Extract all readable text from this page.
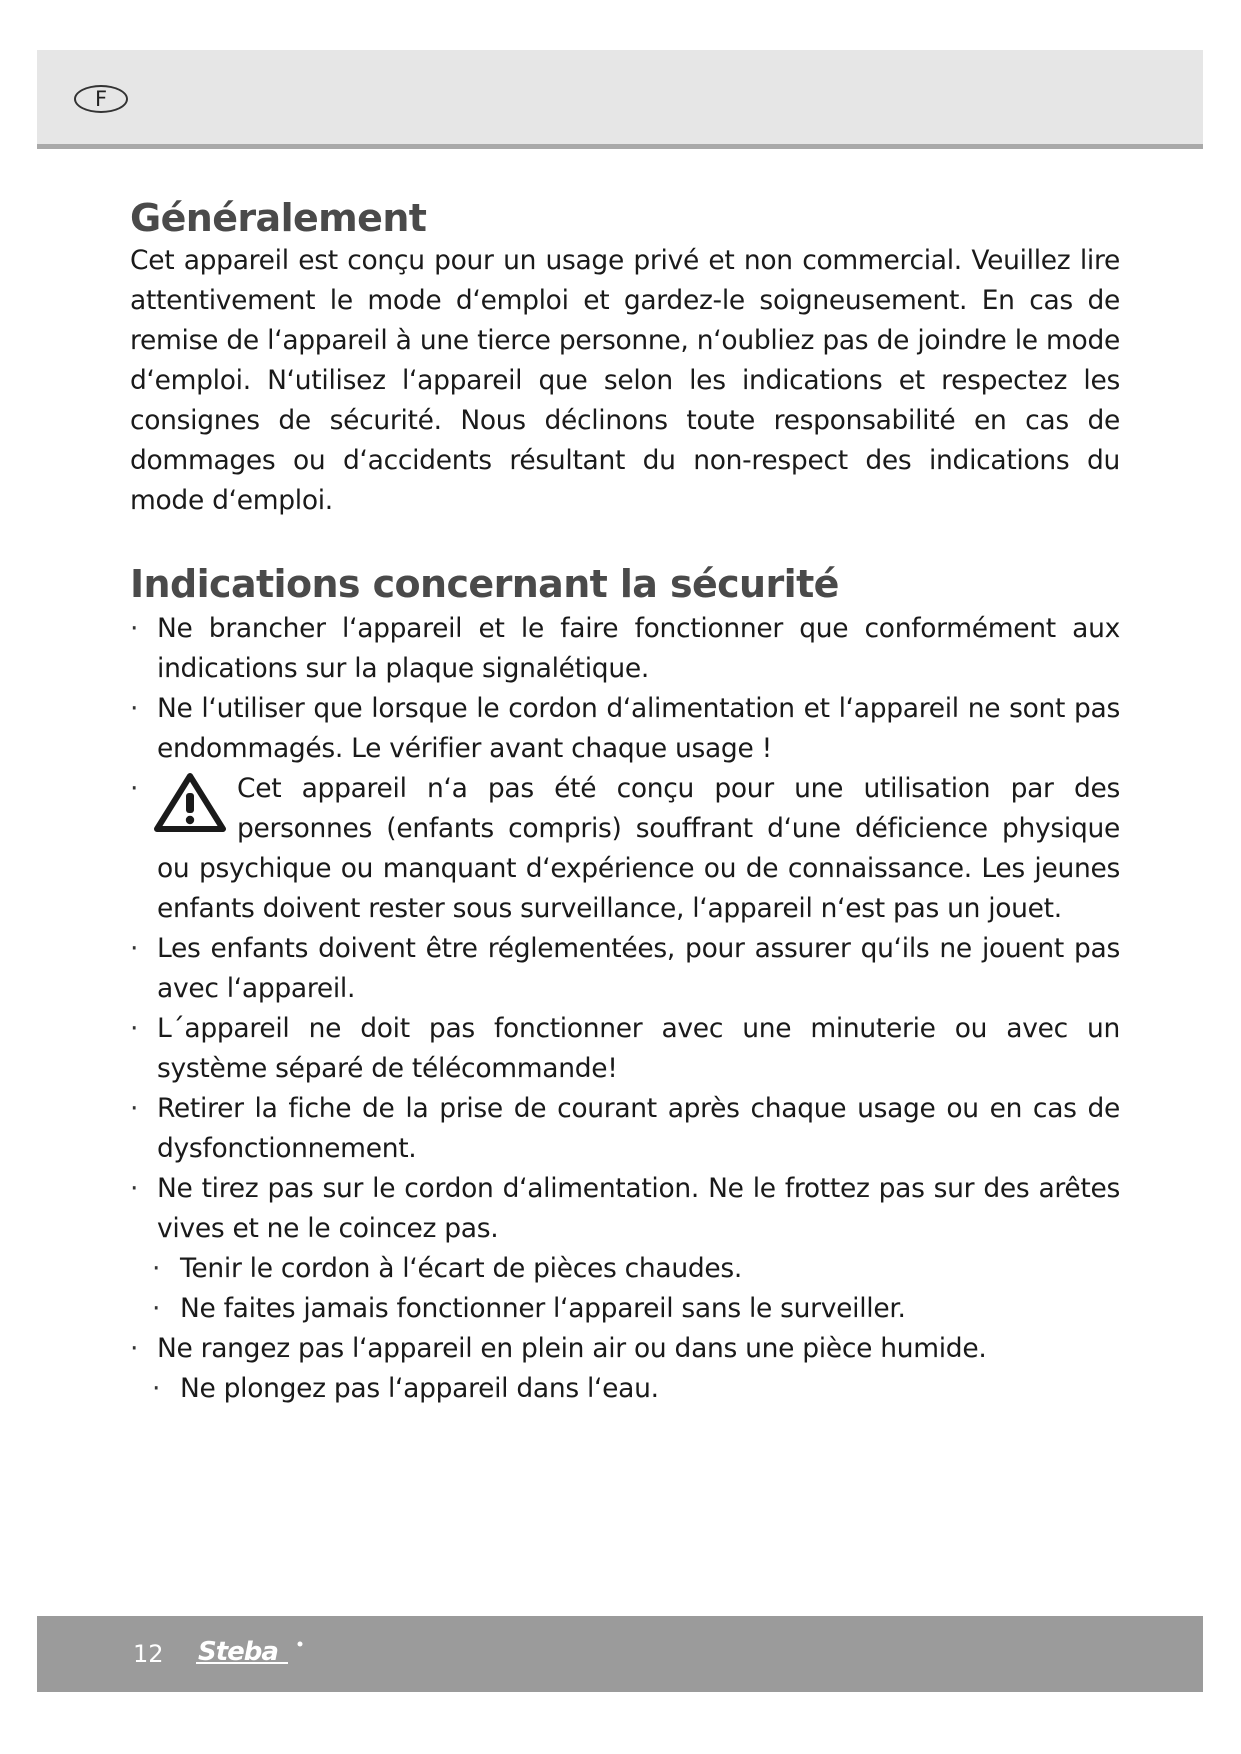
F
Généralement

Cet appareil est conçu pour un usage privé et non commercial. Veuillez lire attentivement le mode d‘emploi et gardez-le soigneusement. En cas de remise de l‘appareil à une tierce personne, n‘oubliez pas de joindre le mode d‘emploi. N‘utilisez l‘appareil que selon les indications et respectez les consignes de sécurité. Nous déclinons toute responsabilité en cas de dommages ou d‘accidents résultant du non-respect des indications du mode d‘emploi.

Indications concernant la sécurité
· Ne brancher l‘appareil et le faire fonctionner que conformément aux indications sur la plaque signalétique.
· Ne l‘utiliser que lorsque le cordon d‘alimentation et l‘appareil ne sont pas endommagés. Le vérifier avant chaque usage !
·	Cet appareil n‘a pas été conçu pour une utilisation par des personnes (enfants compris) souffrant d‘une déficience physique ou psychique ou manquant d‘expérience ou de connaissance. Les jeunes enfants doivent rester sous surveillance, l‘appareil n‘est pas un jouet.
· Les enfants doivent être réglementées, pour assurer qu‘ils ne jouent pas avec l‘appareil.
· L´appareil ne doit pas fonctionner avec une minuterie ou avec un système séparé de télécommande!
· Retirer la fiche de la prise de courant après chaque usage ou en cas de dysfonctionnement.
· Ne tirez pas sur le cordon d‘alimentation. Ne le frottez pas sur des arêtes vives et ne le coincez pas.
· Tenir le cordon à l‘écart de pièces chaudes.
· Ne faites jamais fonctionner l‘appareil sans le surveiller.
· Ne rangez pas l‘appareil en plein air ou dans une pièce humide.
· Ne plongez pas l‘appareil dans l‘eau.
12 Steba
